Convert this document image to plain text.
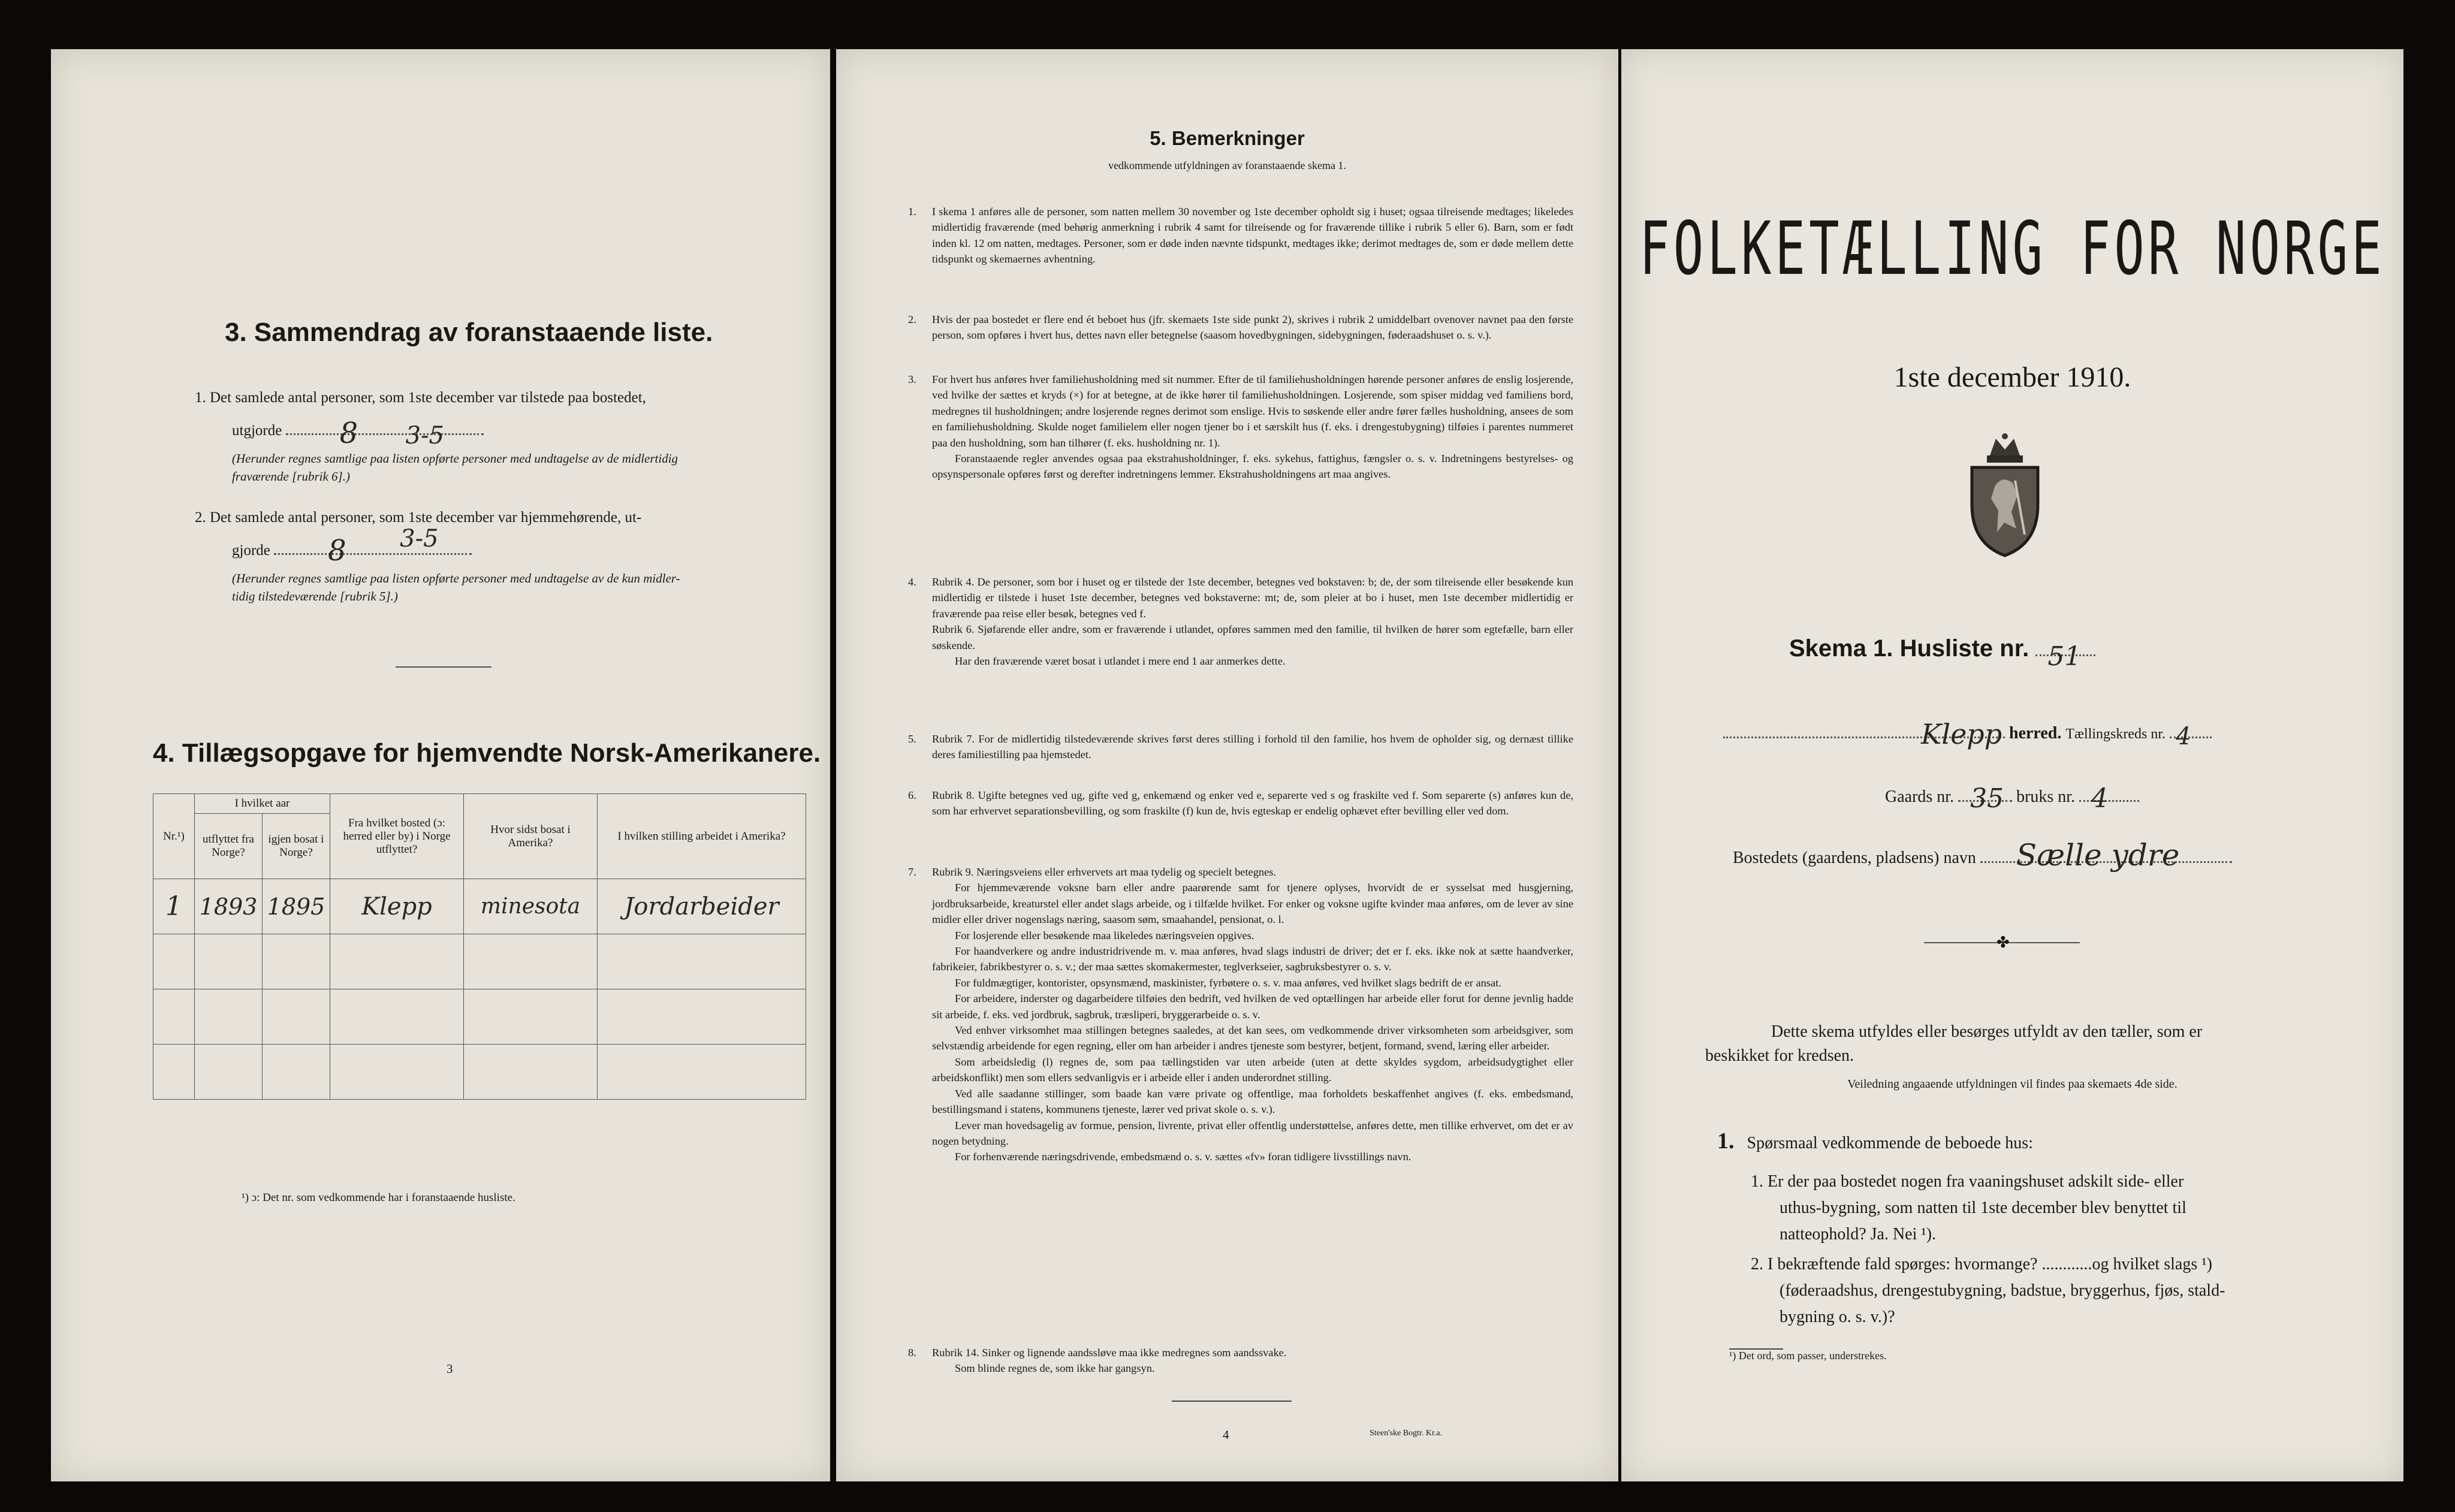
3. Sammendrag av foranstaaende liste.
1. Det samlede antal personer, som 1ste december var tilstede paa bostedet,
utgjorde 8 3-5
(Herunder regnes samtlige paa listen opførte personer med undtagelse av de midlertidig
fraværende [rubrik 6].)
2. Det samlede antal personer, som 1ste december var hjemmehørende, ut-
gjorde 8 3-5
(Herunder regnes samtlige paa listen opførte personer med undtagelse av de kun midler-
tidig tilstedeværende [rubrik 5].)
4. Tillægsopgave for hjemvendte Norsk-Amerikanere.
Nr.¹)	I hvilket aar		Fra hvilket bosted (ɔ: herred eller by) i Norge utflyttet?	Hvor sidst bosat i Amerika?	I hvilken stilling arbeidet i Amerika?
	utflyttet fra Norge?	igjen bosat i Norge?			
1	1893	1895	Klepp	minesota	Jordarbeider

¹) ɔ: Det nr. som vedkommende har i foranstaaende husliste.
3
5. Bemerkninger
vedkommende utfyldningen av foranstaaende skema 1.
1. I skema 1 anføres alle de personer, som natten mellem 30 november og 1ste december opholdt sig i huset; ogsaa tilreisende medtages; likeledes midlertidig fraværende (med behørig anmerkning i rubrik 4 samt for tilreisende og for fraværende tillike i rubrik 5 eller 6). Barn, som er født inden kl. 12 om natten, medtages. Personer, som er døde inden nævnte tidspunkt, medtages ikke; derimot medtages de, som er døde mellem dette tidspunkt og skemaernes avhentning.

2. Hvis der paa bostedet er flere end ét beboet hus (jfr. skemaets 1ste side punkt 2), skrives i rubrik 2 umiddelbart ovenover navnet paa den første person, som opføres i hvert hus, dettes navn eller betegnelse (saasom hovedbygningen, sidebygningen, føderaadshuset o. s. v.).

3. For hvert hus anføres hver familiehusholdning med sit nummer. Efter de til familiehusholdningen hørende personer anføres de enslig losjerende, ved hvilke der sættes et kryds (×) for at betegne, at de ikke hører til familiehusholdningen. Losjerende, som spiser middag ved familiens bord, medregnes til husholdningen; andre losjerende regnes derimot som enslige. Hvis to søskende eller andre fører fælles husholdning, ansees de som en familiehusholdning. Skulde noget familielem eller nogen tjener bo i et særskilt hus (f. eks. i drengestubygning) tilføies i parentes nummeret paa den husholdning, som han tilhører (f. eks. husholdning nr. 1).

Foranstaaende regler anvendes ogsaa paa ekstrahusholdninger, f. eks. sykehus, fattighus, fængsler o. s. v. Indretningens bestyrelses- og opsynspersonale opføres først og derefter indretningens lemmer. Ekstrahusholdningens art maa angives.

4. Rubrik 4. De personer, som bor i huset og er tilstede der 1ste december, betegnes ved bokstaven: b; de, der som tilreisende eller besøkende kun midlertidig er tilstede i huset 1ste december, betegnes ved bokstaverne: mt; de, som pleier at bo i huset, men 1ste december midlertidig er fraværende paa reise eller besøk, betegnes ved f.

Rubrik 6. Sjøfarende eller andre, som er fraværende i utlandet, opføres sammen med den familie, til hvilken de hører som egtefælle, barn eller søskende.

Har den fraværende været bosat i utlandet i mere end 1 aar anmerkes dette.

5. Rubrik 7. For de midlertidig tilstedeværende skrives først deres stilling i forhold til den familie, hos hvem de opholder sig, og dernæst tillike deres familiestilling paa hjemstedet.

6. Rubrik 8. Ugifte betegnes ved ug, gifte ved g, enkemænd og enker ved e, separerte ved s og fraskilte ved f. Som separerte (s) anføres kun de, som har erhvervet separationsbevilling, og som fraskilte (f) kun de, hvis egteskap er endelig ophævet efter bevilling eller ved dom.

7. Rubrik 9. Næringsveiens eller erhvervets art maa tydelig og specielt betegnes.

For hjemmeværende voksne barn eller andre paarørende samt for tjenere oplyses, hvorvidt de er sysselsat med husgjerning, jordbruksarbeide, kreaturstel eller andet slags arbeide, og i tilfælde hvilket. For enker og voksne ugifte kvinder maa anføres, om de lever av sine midler eller driver nogenslags næring, saasom søm, smaahandel, pensionat, o. l.

For losjerende eller besøkende maa likeledes næringsveien opgives.

For haandverkere og andre industridrivende m. v. maa anføres, hvad slags industri de driver; det er f. eks. ikke nok at sætte haandverker, fabrikeier, fabrikbestyrer o. s. v.; der maa sættes skomakermester, teglverkseier, sagbruksbestyrer o. s. v.

For fuldmægtiger, kontorister, opsynsmænd, maskinister, fyrbøtere o. s. v. maa anføres, ved hvilket slags bedrift de er ansat.

For arbeidere, inderster og dagarbeidere tilføies den bedrift, ved hvilken de ved optællingen har arbeide eller forut for denne jevnlig hadde sit arbeide, f. eks. ved jordbruk, sagbruk, træsliperi, bryggerarbeide o. s. v.

Ved enhver virksomhet maa stillingen betegnes saaledes, at det kan sees, om vedkommende driver virksomheten som arbeidsgiver, som selvstændig arbeidende for egen regning, eller om han arbeider i andres tjeneste som bestyrer, betjent, formand, svend, læring eller arbeider.

Som arbeidsledig (l) regnes de, som paa tællingstiden var uten arbeide (uten at dette skyldes sygdom, arbeidsudygtighet eller arbeidskonflikt) men som ellers sedvanligvis er i arbeide eller i anden underordnet stilling.

Ved alle saadanne stillinger, som baade kan være private og offentlige, maa forholdets beskaffenhet angives (f. eks. embedsmand, bestillingsmand i statens, kommunens tjeneste, lærer ved privat skole o. s. v.).

Lever man hovedsagelig av formue, pension, livrente, privat eller offentlig understøttelse, anføres dette, men tillike erhvervet, om det er av nogen betydning.

For forhenværende næringsdrivende, embedsmænd o. s. v. sættes «fv» foran tidligere livsstillings navn.

8. Rubrik 14. Sinker og lignende aandssløve maa ikke medregnes som aandssvake.

Som blinde regnes de, som ikke har gangsyn.

4	Steen'ske Bogtr. Kr.a.
FOLKETÆLLING FOR NORGE
1ste december 1910.
Skema 1. Husliste nr. 51
Klepp herred. Tællingskreds nr. 4
Gaards nr. 35 bruks nr. 4
Bostedets (gaardens, pladsens) navn Sælle ydre
✤
Dette skema utfyldes eller besørges utfyldt av den tæller, som er
beskikket for kredsen.
Veiledning angaaende utfyldningen vil findes paa skemaets 4de side.
1. Spørsmaal vedkommende de beboede hus:
1. Er der paa bostedet nogen fra vaaningshuset adskilt side- eller
uthus-bygning, som natten til 1ste december blev benyttet til
natteophold? Ja. Nei ¹).
2. I bekræftende fald spørges: hvormange? ............og hvilket slags ¹)
(føderaadshus, drengestubygning, badstue, bryggerhus, fjøs, stald-
bygning o. s. v.)?
¹) Det ord, som passer, understrekes.
